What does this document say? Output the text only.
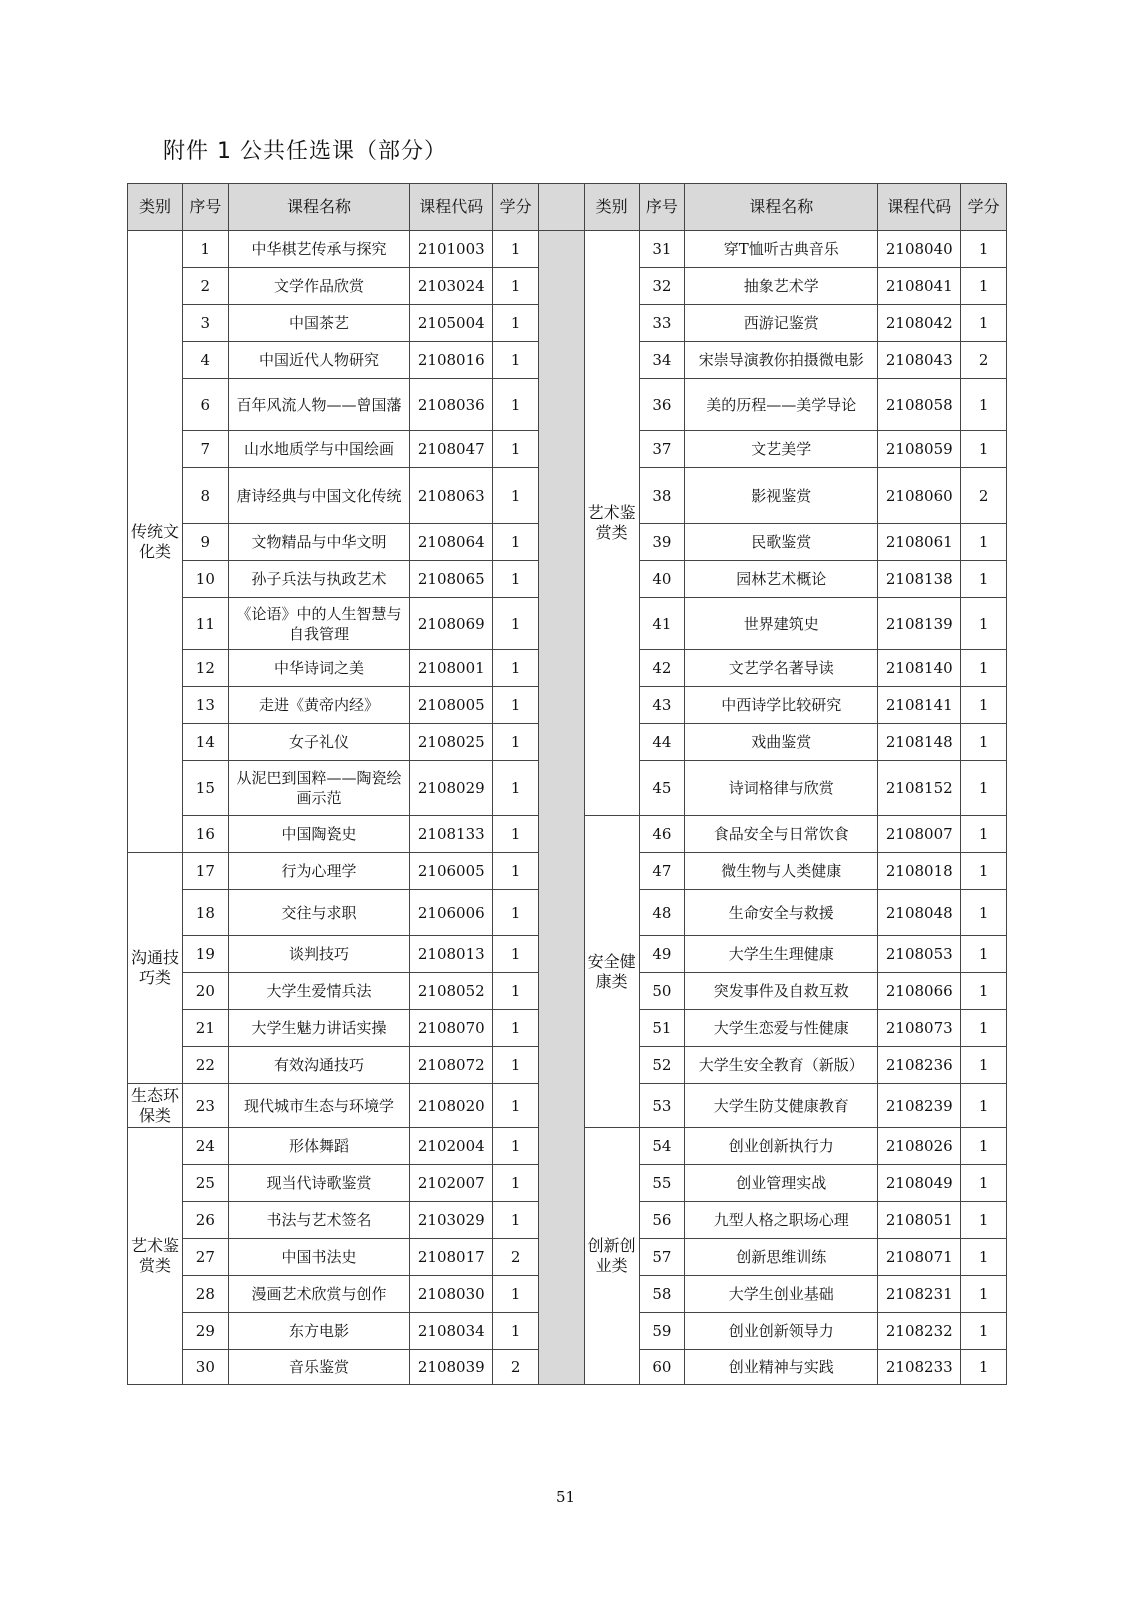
附件 1 公共任选课（部分）
类别	序号	课程名称	课程代码	学分		类别	序号	课程名称	课程代码	学分
传统文化类	1	中华棋艺传承与探究	2101003	1		艺术鉴赏类	31	穿T恤听古典音乐	2108040	1
	2	文学作品欣赏	2103024	1			32	抽象艺术学	2108041	1
	3	中国茶艺	2105004	1			33	西游记鉴赏	2108042	1
	4	中国近代人物研究	2108016	1			34	宋崇导演教你拍摄微电影	2108043	2
	6	百年风流人物——曾国藩	2108036	1			36	美的历程——美学导论	2108058	1
	7	山水地质学与中国绘画	2108047	1			37	文艺美学	2108059	1
	8	唐诗经典与中国文化传统	2108063	1			38	影视鉴赏	2108060	2
	9	文物精品与中华文明	2108064	1			39	民歌鉴赏	2108061	1
	10	孙子兵法与执政艺术	2108065	1			40	园林艺术概论	2108138	1
	11	《论语》中的人生智慧与自我管理	2108069	1			41	世界建筑史	2108139	1
	12	中华诗词之美	2108001	1			42	文艺学名著导读	2108140	1
	13	走进《黄帝内经》	2108005	1			43	中西诗学比较研究	2108141	1
	14	女子礼仪	2108025	1			44	戏曲鉴赏	2108148	1
	15	从泥巴到国粹——陶瓷绘画示范	2108029	1			45	诗词格律与欣赏	2108152	1
	16	中国陶瓷史	2108133	1		安全健康类	46	食品安全与日常饮食	2108007	1
沟通技巧类	17	行为心理学	2106005	1			47	微生物与人类健康	2108018	1
	18	交往与求职	2106006	1			48	生命安全与救援	2108048	1
	19	谈判技巧	2108013	1			49	大学生生理健康	2108053	1
	20	大学生爱情兵法	2108052	1			50	突发事件及自救互救	2108066	1
	21	大学生魅力讲话实操	2108070	1			51	大学生恋爱与性健康	2108073	1
	22	有效沟通技巧	2108072	1			52	大学生安全教育（新版）	2108236	1
生态环保类	23	现代城市生态与环境学	2108020	1			53	大学生防艾健康教育	2108239	1
艺术鉴赏类	24	形体舞蹈	2102004	1		创新创业类	54	创业创新执行力	2108026	1
	25	现当代诗歌鉴赏	2102007	1			55	创业管理实战	2108049	1
	26	书法与艺术签名	2103029	1			56	九型人格之职场心理	2108051	1
	27	中国书法史	2108017	2			57	创新思维训练	2108071	1
	28	漫画艺术欣赏与创作	2108030	1			58	大学生创业基础	2108231	1
	29	东方电影	2108034	1			59	创业创新领导力	2108232	1
	30	音乐鉴赏	2108039	2			60	创业精神与实践	2108233	1
51
